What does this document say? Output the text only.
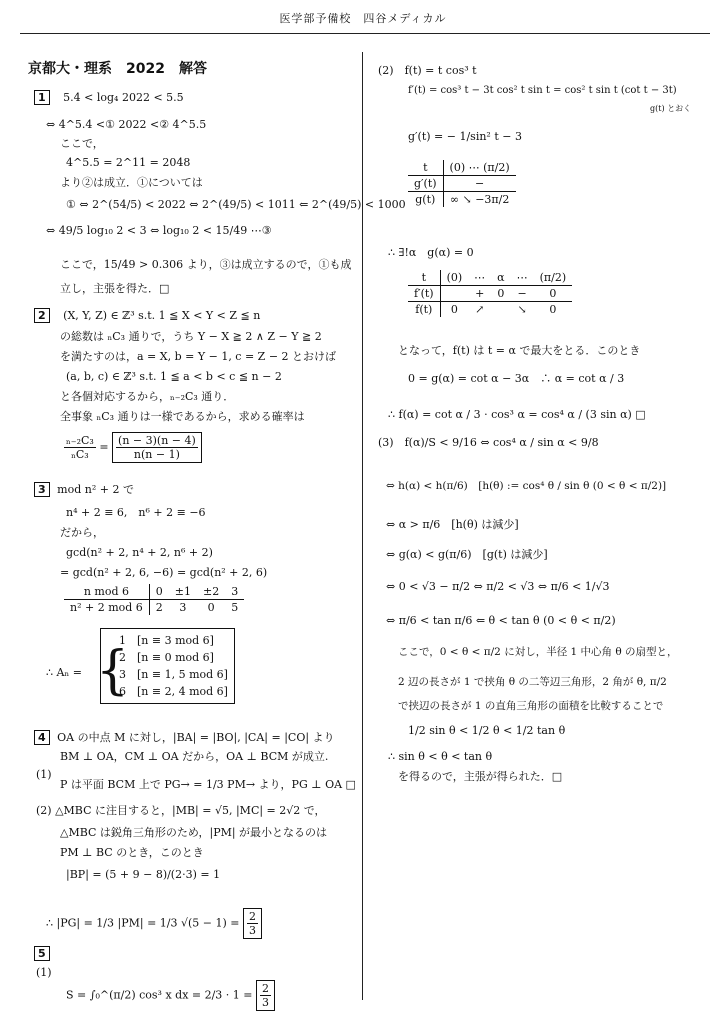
医学部予備校　四谷メディカル
京都大・理系　2022　解答
1 5.4 < log₄ 2022 < 5.5
⇔ 4^5.4 <① 2022 <② 4^5.5
ここで，
4^5.5 = 2^11 = 2048
より②は成立．①については
① ⇔ 2^(54/5) < 2022 ⇔ 2^(49/5) < 1011 ⇐ 2^(49/5) < 1000
⇔ 49/5 log₁₀ 2 < 3 ⇔ log₁₀ 2 < 15/49 ⋯③
ここで，15/49 > 0.306 より，③は成立するので，①も成
立し，主張を得た．□
2 (X, Y, Z) ∈ ℤ³ s.t. 1 ≦ X < Y < Z ≦ n
の総数は ₙC₃ 通りで，うち Y − X ≧ 2 ∧ Z − Y ≧ 2
を満たすのは，a = X, b = Y − 1, c = Z − 2 とおけば
(a, b, c) ∈ ℤ³ s.t. 1 ≦ a < b < c ≦ n − 2
と各個対応するから，ₙ₋₂C₃ 通り．
全事象 ₙC₃ 通りは一様であるから，求める確率は
$\frac{\text{ₙ₋₂C₃}}{\text{ₙC₃}} = \frac{(n - 3)(n - 4)}{n(n - 1)}$
3 mod n² + 2 で
n⁴ + 2 ≡ 6,　n⁶ + 2 ≡ −6
だから，
gcd(n² + 2, n⁴ + 2, n⁶ + 2)
= gcd(n² + 2, 6, −6) = gcd(n² + 2, 6)
n mod 6	0	±1	±2	3
n² + 2 mod 6	2	3	0	5
∴ Aₙ = {
1　[n ≡ 3 mod 6]
2　[n ≡ 0 mod 6]
3　[n ≡ 1, 5 mod 6]
6　[n ≡ 2, 4 mod 6]
4 OA の中点 M に対し，|BA| = |BO|, |CA| = |CO| より
BM ⊥ OA，CM ⊥ OA だから，OA ⊥ BCM が成立.
(1)
P は平面 BCM 上で PG→ = 1/3 PM→ より，PG ⊥ OA □
(2) △MBC に注目すると，|MB| = √5, |MC| = 2√2 で，
△MBC は鋭角三角形のため，|PM| が最小となるのは
PM ⊥ BC のとき，このとき
|BP| = (5 + 9 − 8)/(2·3) = 1
∴ |PG| = 1/3 |PM| = 1/3 $√(5 - 1) = \frac{2}{3}$
5
(1)
S = ∫₀^(π/2) cos³ x dx = $2/3 \cdot 1 = \frac{2}{3}$
(2)　f(t) = t cos³ t
f′(t) = cos³ t − 3t cos² t sin t = cos² t sin t (cot t − 3t)
g(t) とおく
g′(t) = − 1/sin² t − 3
t	(0) ⋯ (π/2)
g′(t)	−
g(t)	∞ ↘ −3π/2
∴ ∃!α　g(α) = 0
t	(0)	⋯	α	⋯	(π/2)
f′(t)		+	0	−	0
f(t)	0	↗		↘	0
となって，f(t) は t = α で最大をとる．このとき
0 = g(α) = cot α − 3α　∴ α = cot α / 3
∴ f(α) = cot α / 3 · cos³ α = cos⁴ α / (3 sin α) □
(3)　f(α)/S < 9/16 ⇔ cos⁴ α / sin α < 9/8
⇔ h(α) < h(π/6)　[h(θ) := cos⁴ θ / sin θ (0 < θ < π/2)]
⇔ α > π/6　[h(θ) は減少]
⇔ g(α) < g(π/6)　[g(t) は減少]
⇔ 0 < √3 − π/2 ⇔ π/2 < √3 ⇔ π/6 < 1/√3
⇔ π/6 < tan π/6 ⇐ θ < tan θ (0 < θ < π/2)
ここで，0 < θ < π/2 に対し，半径 1 中心角 θ の扇型と，
2 辺の長さが 1 で挟角 θ の二等辺三角形，2 角が θ, π/2
で挟辺の長さが 1 の直角三角形の面積を比較することで
1/2 sin θ < 1/2 θ < 1/2 tan θ
∴ sin θ < θ < tan θ
を得るので，主張が得られた．□
